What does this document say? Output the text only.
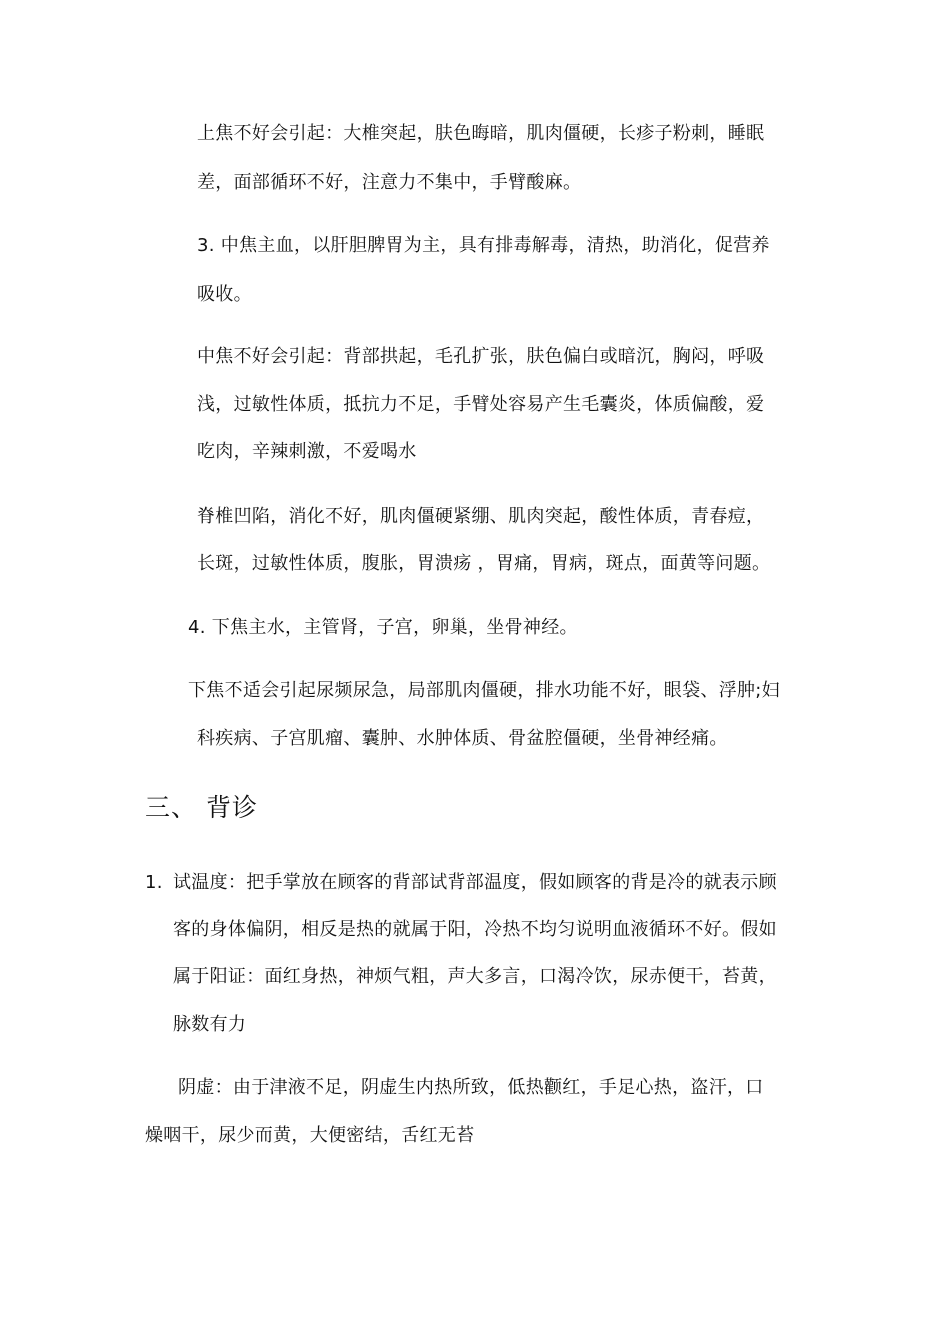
上焦不好会引起：大椎突起，肤色晦暗，肌肉僵硬，长疹子粉刺，睡眠
差，面部循环不好，注意力不集中，手臂酸麻。
3. 中焦主血，以肝胆脾胃为主，具有排毒解毒，清热，助消化，促营养
吸收。
中焦不好会引起：背部拱起，毛孔扩张，肤色偏白或暗沉，胸闷，呼吸
浅，过敏性体质，抵抗力不足，手臂处容易产生毛囊炎，体质偏酸，爱
吃肉，辛辣刺激，不爱喝水
脊椎凹陷，消化不好，肌肉僵硬紧绷、肌肉突起，酸性体质，青春痘，
长斑，过敏性体质，腹胀，胃溃疡 ，胃痛，胃病，斑点，面黄等问题。
4. 下焦主水，主管肾，子宫，卵巢，坐骨神经。
下焦不适会引起尿频尿急，局部肌肉僵硬，排水功能不好，眼袋、浮肿;妇
科疾病、子宫肌瘤、囊肿、水肿体质、骨盆腔僵硬，坐骨神经痛。
三、 背诊
1. 试温度：把手掌放在顾客的背部试背部温度，假如顾客的背是冷的就表示顾
客的身体偏阴，相反是热的就属于阳，冷热不均匀说明血液循环不好。假如
属于阳证：面红身热，神烦气粗，声大多言，口渴冷饮，尿赤便干，苔黄，
脉数有力
阴虚：由于津液不足，阴虚生内热所致，低热颧红，手足心热，盗汗，口
燥咽干，尿少而黄，大便密结，舌红无苔
